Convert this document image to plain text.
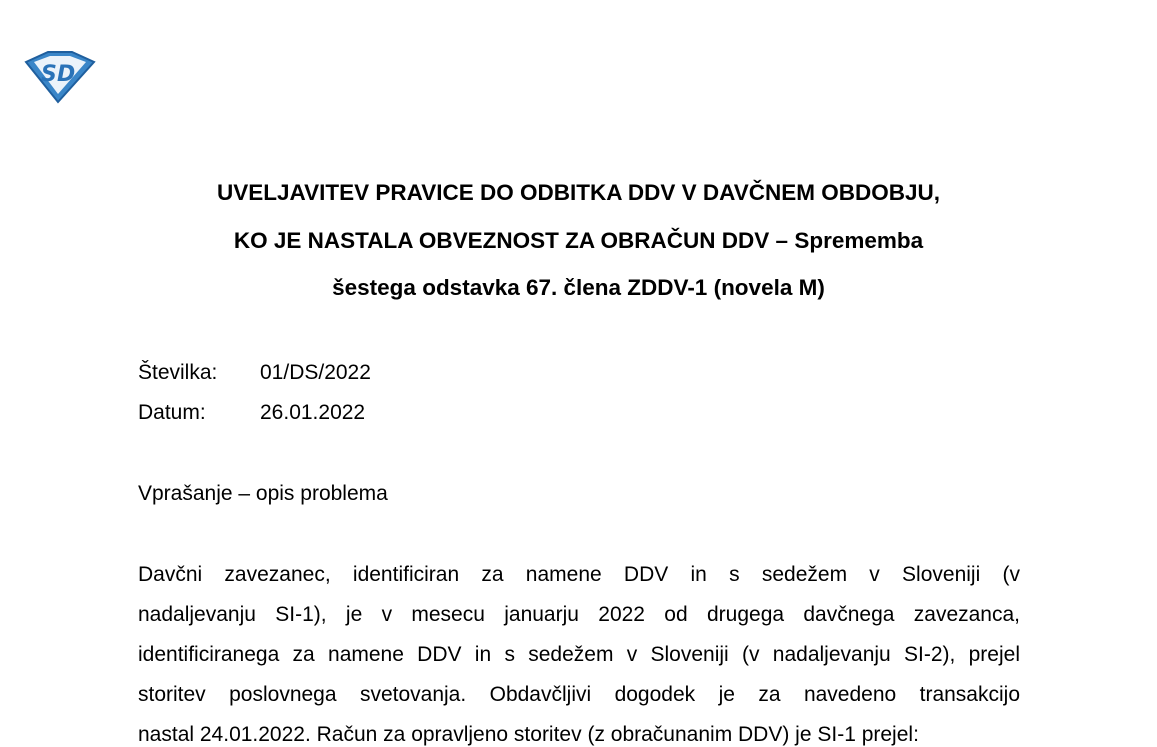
S D
UVELJAVITEV PRAVICE DO ODBITKA DDV V DAVČNEM OBDOBJU,
KO JE NASTALA OBVEZNOST ZA OBRAČUN DDV – Sprememba
šestega odstavka 67. člena ZDDV-1 (novela M)
Številka: 01/DS/2022
Datum:	26.01.2022
Vprašanje – opis problema
Davčni zavezanec, identificiran za namene DDV in s sedežem v Sloveniji (v
nadaljevanju SI-1), je v mesecu januarju 2022 od drugega davčnega zavezanca,
identificiranega za namene DDV in s sedežem v Sloveniji (v nadaljevanju SI-2), prejel
storitev poslovnega svetovanja. Obdavčljivi dogodek je za navedeno transakcijo
nastal 24.01.2022. Račun za opravljeno storitev (z obračunanim DDV) je SI-1 prejel:
